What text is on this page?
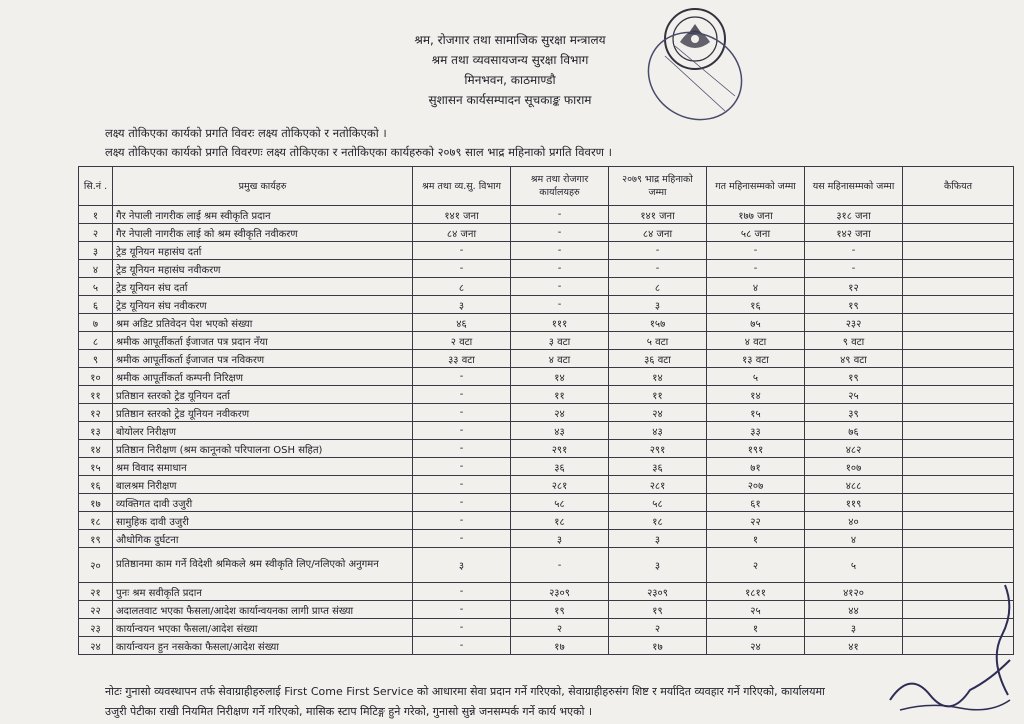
श्रम, रोजगार तथा सामाजिक सुरक्षा मन्त्रालय
श्रम तथा व्यवसायजन्य सुरक्षा विभाग
मिनभवन, काठमाण्डौ
सुशासन कार्यसम्पादन सूचकाङ्क फाराम
लक्ष्य तोकिएका कार्यको प्रगति विवरः लक्ष्य तोकिएको र नतोकिएको ।
लक्ष्य तोकिएका कार्यको प्रगति विवरणः लक्ष्य तोकिएका र नतोकिएका कार्यहरुको २०७९ साल भाद्र महिनाको प्रगति विवरण ।
सि.नं .	प्रमुख कार्यहरु	श्रम तथा व्य.सु. विभाग	श्रम तथा रोजगार कार्यालयहरु	२०७९ भाद्र महिनाको जम्मा	गत महिनासम्मको जम्मा	यस महिनासम्मको जम्मा	कैफियत
१	गैर नेपाली नागरीक लाई श्रम स्वीकृति प्रदान	१४१ जना	-	१४१ जना	१७७ जना	३१८ जना	
२	गैर नेपाली नागरीक लाई को श्रम स्वीकृति नवीकरण	८४ जना	-	८४ जना	५८ जना	१४२ जना	
३	ट्रेड यूनियन महासंघ दर्ता	-	-	-	-	-	
४	ट्रेड यूनियन महासंघ नवीकरण	-	-	-	-	-	
५	ट्रेड यूनियन संघ दर्ता	८	-	८	४	१२	
६	ट्रेड यूनियन संघ नवीकरण	३	-	३	१६	१९	
७	श्रम अडिट प्रतिवेदन पेश भएको संख्या	४६	१११	१५७	७५	२३२	
८	श्रमीक आपूर्तीकर्ता ईजाजत पत्र प्रदान नँया	२ वटा	३ वटा	५ वटा	४ वटा	९ वटा	
९	श्रमीक आपूर्तीकर्ता ईजाजत पत्र नविकरण	३३ वटा	४ वटा	३६ वटा	१३ वटा	४९ वटा	
१०	श्रमीक आपूर्तीकर्ता कम्पनी निरिक्षण	-	१४	१४	५	१९	
११	प्रतिष्ठान स्तरको ट्रेड यूनियन दर्ता	-	११	११	१४	२५	
१२	प्रतिष्ठान स्तरको ट्रेड यूनियन नवीकरण	-	२४	२४	१५	३९	
१३	बोयोलर निरीक्षण	-	४३	४३	३३	७६	
१४	प्रतिष्ठान निरीक्षण (श्रम कानूनको परिपालना OSH सहित)	-	२९१	२९१	१९१	४८२	
१५	श्रम विवाद समाधान	-	३६	३६	७१	१०७	
१६	बालश्रम निरीक्षण	-	२८१	२८१	२०७	४८८	
१७	व्यक्तिगत दावी उजुरी	-	५८	५८	६१	११९	
१८	सामुहिक दावी उजुरी	-	१८	१८	२२	४०	
१९	औधोगिक दुर्घटना	-	३	३	१	४	
२०	प्रतिष्ठानमा काम गर्ने विदेशी श्रमिकले श्रम स्वीकृति लिए/नलिएको अनुगमन	३	-	३	२	५	
२१	पुनः श्रम सवीकृति प्रदान	-	२३०९	२३०९	१८११	४१२०	
२२	अदालतवाट भएका फैसला/आदेश कार्यान्वयनका लागी प्राप्त संख्या	-	१९	१९	२५	४४	
२३	कार्यान्वयन भएका फैसला/आदेश संख्या	-	२	२	१	३	
२४	कार्यान्वयन हुन नसकेका फैसला/आदेश संख्या	-	१७	१७	२४	४१	
नोटः गुनासो व्यवस्थापन तर्फ सेवाग्राहीहरुलाई First Come First Service को आधारमा सेवा प्रदान गर्ने गरिएको, सेवाग्राहीहरुसंग शिष्ट र मर्यादित व्यवहार गर्ने गरिएको, कार्यालयमा
उजुरी पेटीका राखी नियमित निरीक्षण गर्ने गरिएको, मासिक स्टाप मिटिङ्ग हुने गरेको, गुनासो सुन्ने जनसम्पर्क गर्ने कार्य भएको ।
